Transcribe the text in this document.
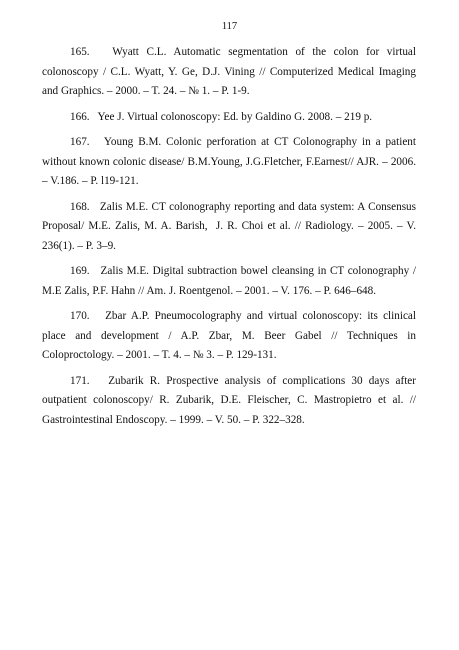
117

165.   Wyatt C.L. Automatic segmentation of the colon for virtual colonoscopy / C.L. Wyatt, Y. Ge, D.J. Vining // Computerized Medical Imaging and Graphics. – 2000. – T. 24. – № 1. – P. 1-9.

166.   Yee J. Virtual colonoscopy: Ed. by Galdino G. 2008. – 219 p.

167.   Young B.M. Colonic perforation at CT Colonography in a patient without known colonic disease/ B.M.Young, J.G.Fletcher, F.Earnest// AJR. – 2006. – V.186. – P. l19-121.

168.   Zalis M.E. CT colonography reporting and data system: A Consensus Proposal/ M.E. Zalis, M. A. Barish,  J. R. Choi et al. // Radiology. – 2005. – V. 236(1). – P. 3–9.

169.   Zalis M.E. Digital subtraction bowel cleansing in CT colonography / M.E Zalis, P.F. Hahn // Am. J. Roentgenol. – 2001. – V. 176. – P. 646–648.

170.   Zbar A.P. Pneumocolography and virtual colonoscopy: its clinical place and development / A.P. Zbar, M. Beer Gabel // Techniques in Coloproctology. – 2001. – T. 4. – № 3. – P. 129-131.

171.   Zubarik R. Prospective analysis of complications 30 days after outpatient colonoscopy/ R. Zubarik, D.E. Fleischer, C. Mastropietro et al. // Gastrointestinal Endoscopy. – 1999. – V. 50. – P. 322–328.
